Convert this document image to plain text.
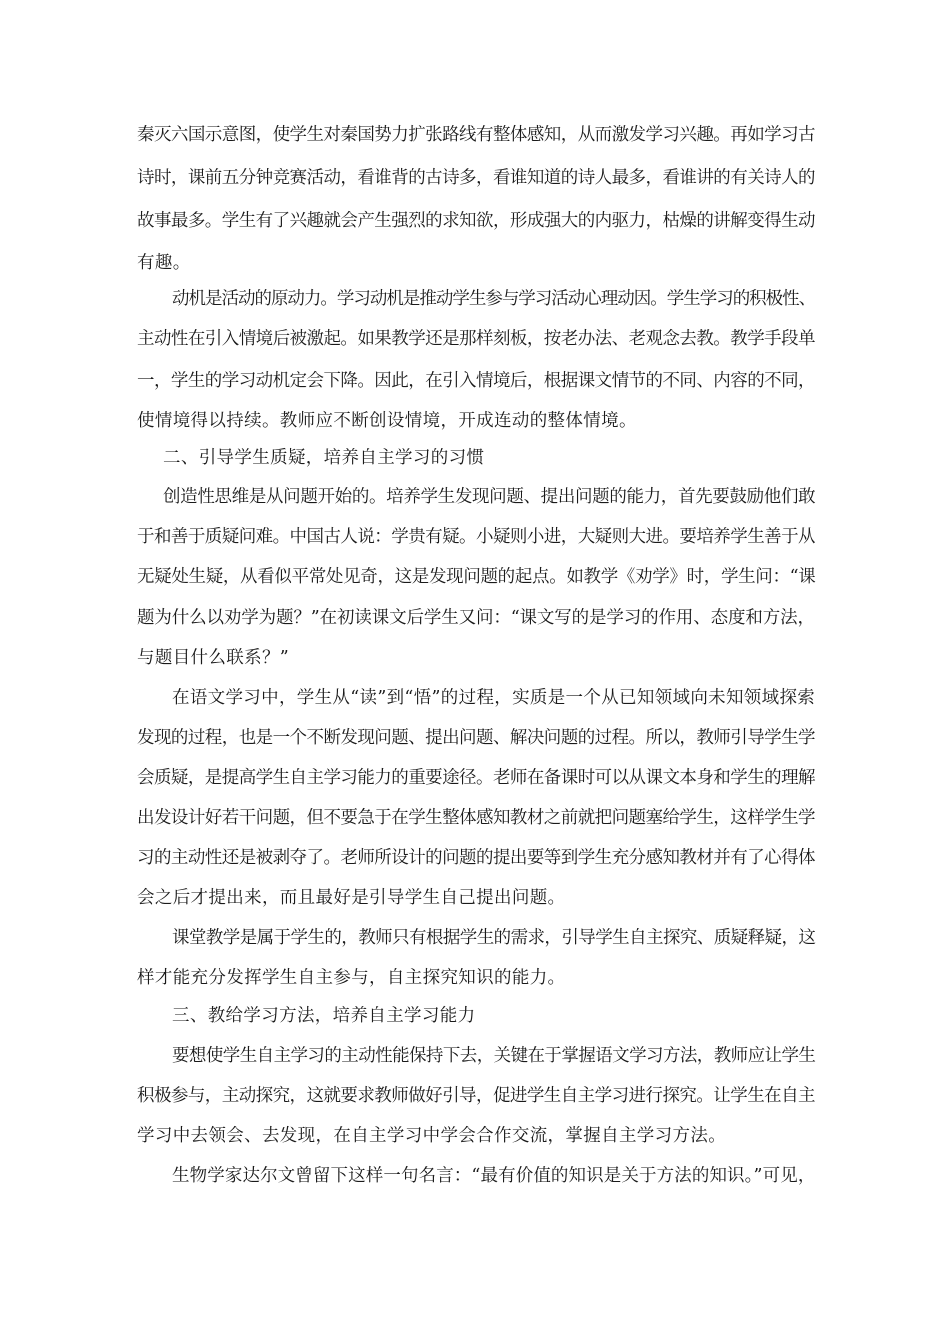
秦灭六国示意图，使学生对秦国势力扩张路线有整体感知，从而激发学习兴趣。再如学习古

诗时，课前五分钟竞赛活动，看谁背的古诗多，看谁知道的诗人最多，看谁讲的有关诗人的

故事最多。学生有了兴趣就会产生强烈的求知欲，形成强大的内驱力，枯燥的讲解变得生动

有趣。

动机是活动的原动力。学习动机是推动学生参与学习活动心理动因。学生学习的积极性、

主动性在引入情境后被激起。如果教学还是那样刻板，按老办法、老观念去教。教学手段单

一，学生的学习动机定会下降。因此，在引入情境后，根据课文情节的不同、内容的不同，

使情境得以持续。教师应不断创设情境，开成连动的整体情境。

二、引导学生质疑，培养自主学习的习惯

创造性思维是从问题开始的。培养学生发现问题、提出问题的能力，首先要鼓励他们敢

于和善于质疑问难。中国古人说：学贵有疑。小疑则小进，大疑则大进。要培养学生善于从

无疑处生疑，从看似平常处见奇，这是发现问题的起点。如教学《劝学》时，学生问：“课

题为什么以劝学为题？”在初读课文后学生又问：“课文写的是学习的作用、态度和方法，

与题目什么联系？”

在语文学习中，学生从“读”到“悟”的过程，实质是一个从已知领域向未知领域探索

发现的过程，也是一个不断发现问题、提出问题、解决问题的过程。所以，教师引导学生学

会质疑，是提高学生自主学习能力的重要途径。老师在备课时可以从课文本身和学生的理解

出发设计好若干问题，但不要急于在学生整体感知教材之前就把问题塞给学生，这样学生学

习的主动性还是被剥夺了。老师所设计的问题的提出要等到学生充分感知教材并有了心得体

会之后才提出来，而且最好是引导学生自己提出问题。

课堂教学是属于学生的，教师只有根据学生的需求，引导学生自主探究、质疑释疑，这

样才能充分发挥学生自主参与，自主探究知识的能力。

三、教给学习方法，培养自主学习能力

要想使学生自主学习的主动性能保持下去，关键在于掌握语文学习方法，教师应让学生

积极参与，主动探究，这就要求教师做好引导，促进学生自主学习进行探究。让学生在自主

学习中去领会、去发现，在自主学习中学会合作交流，掌握自主学习方法。

生物学家达尔文曾留下这样一句名言：“最有价值的知识是关于方法的知识。”可见，
